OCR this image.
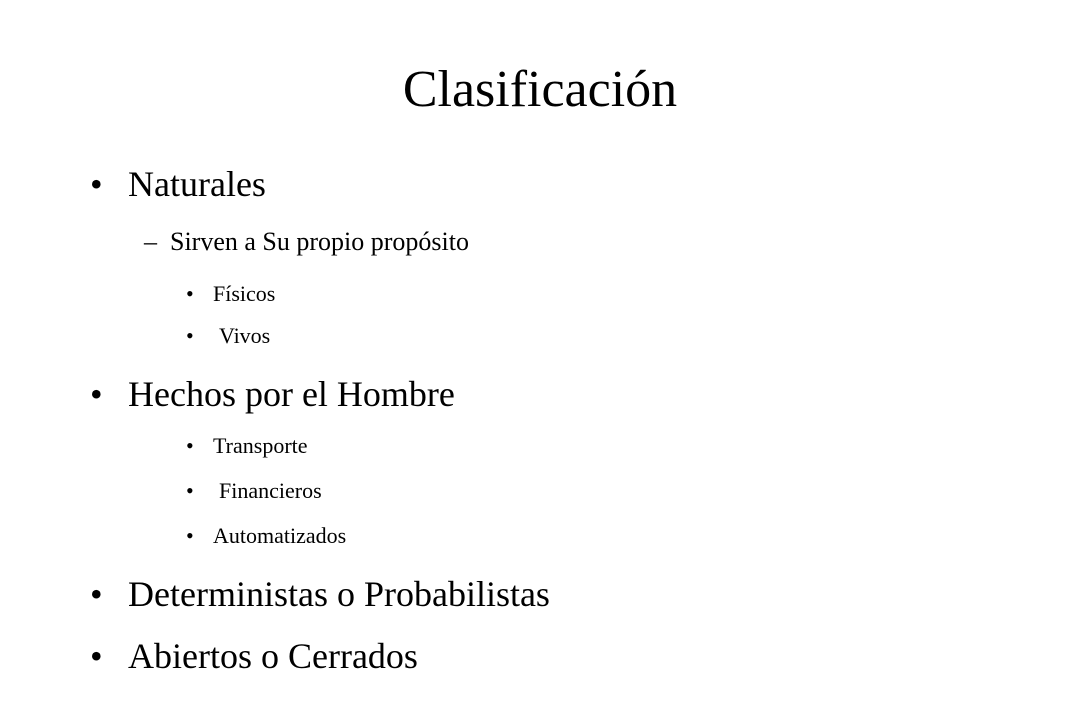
Clasificación
• Naturales
– Sirven a Su propio propósito
• Físicos
• Vivos
• Hechos por el Hombre
• Transporte
• Financieros
• Automatizados
• Deterministas o Probabilistas
• Abiertos o Cerrados
